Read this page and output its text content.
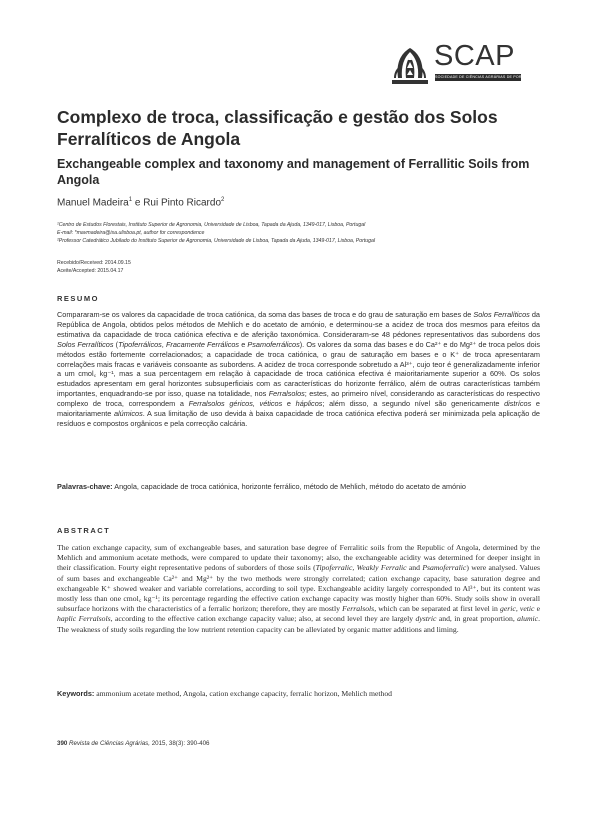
SCAP
SOCIEDADE DE CIÊNCIAS AGRÁRIAS DE PORTUGAL
Complexo de troca, classificação e gestão dos Solos Ferralíticos de Angola
Exchangeable complex and taxonomy and management of Ferrallitic Soils from Angola
Manuel Madeira$^1$ e Rui Pinto Ricardo$^2$
¹Centro de Estudos Florestais, Instituto Superior de Agronomia, Universidade de Lisboa, Tapada da Ajuda, 1349-017, Lisboa, Portugal
E-mail: *mavmadeira@isa.ulisboa.pt, author for correspondence
²Professor Catedrático Jubilado do Instituto Superior de Agronomia, Universidade de Lisboa, Tapada da Ajuda, 1349-017, Lisboa, Portugal
Recebido/Received: 2014.09.15
Aceite/Accepted: 2015.04.17
RESUMO
Compararam-se os valores da capacidade de troca catiónica, da soma das bases de troca e do grau de saturação em bases de Solos Ferralíticos da República de Angola, obtidos pelos métodos de Mehlich e do acetato de amónio, e determinou-se a acidez de troca dos mesmos para efeitos da estimativa da capacidade de troca catiónica efectiva e de aferição taxonómica. Consideraram-se 48 pédones representativos das subordens dos Solos Ferralíticos (Tipoferrálicos, Fracamente Ferrálicos e Psamoferrálicos). Os valores da soma das bases e do Ca²⁺ e do Mg²⁺ de troca pelos dois métodos estão fortemente correlacionados; a capacidade de troca catiónica, o grau de saturação em bases e o K⁺ de troca apresentaram correlações mais fracas e variáveis consoante as subordens. A acidez de troca corresponde sobretudo a Al³⁺, cujo teor é generalizadamente inferior a um cmol꜀ kg⁻¹, mas a sua percentagem em relação à capacidade de troca catiónica efectiva é maioritariamente superior a 60%. Os solos estudados apresentam em geral horizontes subsuperficiais com as características do horizonte ferrálico, além de outras características também importantes, enquadrando-se por isso, quase na totalidade, nos Ferralsolos; estes, ao primeiro nível, considerando as características do respectivo complexo de troca, correspondem a Ferralsolos géricos, véticos e háplicos; além disso, a segundo nível são genericamente distrícos e maioritariamente alúmicos. A sua limitação de uso devida à baixa capacidade de troca catiónica efectiva poderá ser minimizada pela aplicação de resíduos e compostos orgânicos e pela correcção calcária.
Palavras-chave: Angola, capacidade de troca catiónica, horizonte ferrálico, método de Mehlich, método do acetato de amónio
ABSTRACT
The cation exchange capacity, sum of exchangeable bases, and saturation base degree of Ferralitic soils from the Republic of Angola, determined by the Mehlich and ammonium acetate methods, were compared to update their taxonomy; also, the exchangeable acidity was determined for deeper insight in their classification. Fourty eight representative pedons of suborders of those soils (Tipoferralic, Weakly Ferralic and Psamoferralic) were analysed. Values of sum bases and exchangeable Ca²⁺ and Mg²⁺ by the two methods were strongly correlated; cation exchange capacity, base saturation degree and exchangeable K⁺ showed weaker and variable correlations, according to soil type. Exchangeable acidity largely corresponded to Al³⁺, but its content was mostly less than one cmol꜀ kg⁻¹; its percentage regarding the effective cation exchange capacity was mostly higher than 60%. Study soils show in overall subsurface horizons with the characteristics of a ferralic horizon; therefore, they are mostly Ferralsols, which can be separated at first level in geric, vetic e haplic Ferralsols, according to the effective cation exchange capacity value; also, at second level they are largely dystric and, in great proportion, alumic. The weakness of study soils regarding the low nutrient retention capacity can be alleviated by organic matter additions and liming.
Keywords: ammonium acetate method, Angola, cation exchange capacity, ferralic horizon, Mehlich method
390 Revista de Ciências Agrárias, 2015, 38(3): 390-406
